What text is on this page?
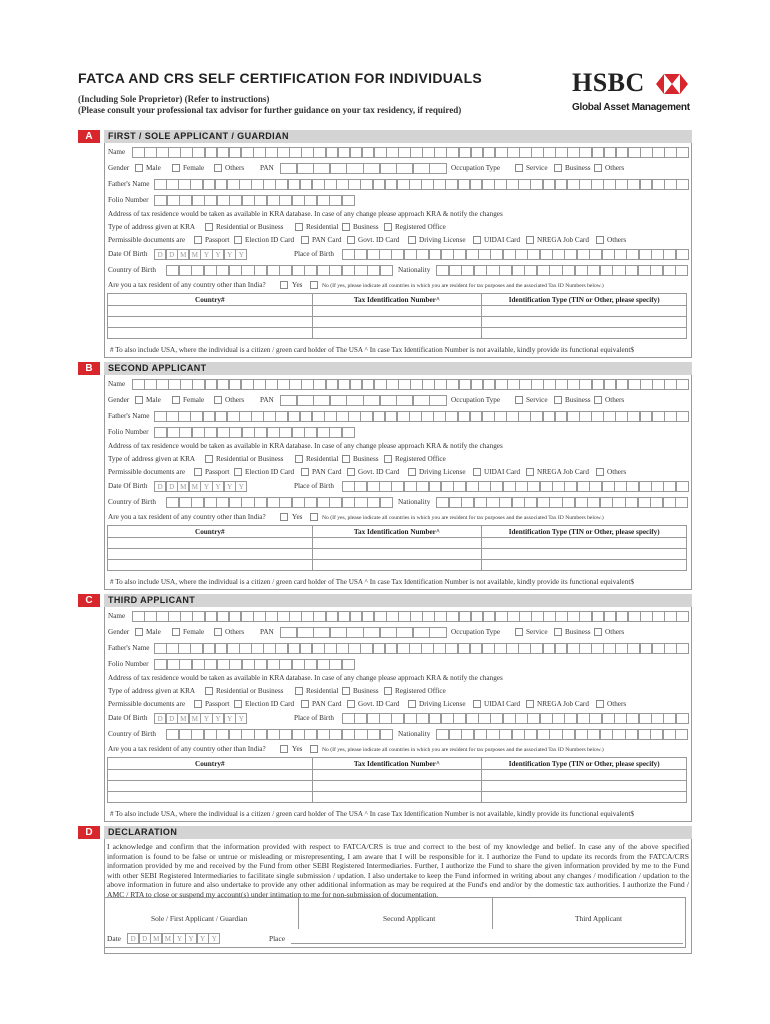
FATCA AND CRS SELF CERTIFICATION FOR INDIVIDUALS
(Including Sole Proprietor) (Refer to instructions)
(Please consult your professional tax advisor for further guidance on your tax residency, if required)
HSBC
Global Asset Management
A	FIRST / SOLE APPLICANT / GUARDIAN
Name
Gender Male	Female	Others PAN	Occupation Type	Service Business Others
Father's Name
Folio Number
Address of tax residence would be taken as available in KRA database. In case of any change please approach KRA & notify the changes
Type of address given at KRA	Residential or Business	Residential Business Registered Office
Permissible documents are	Passport Election ID Card PAN Card Govt. ID Card	Driving License	UIDAI Card NREGA Job Card	Others
Date Of Birth	D D M M Y Y Y Y	Place of Birth
Country of Birth	Nationality
Are you a tax resident of any country other than India?	Yes	No (If yes, please indicate all countries in which you are resident for tax purposes and the associated Tax ID Numbers below.)
Country#	Tax Identification Number^	Identification Type (TIN or Other, please specify)

# To also include USA, where the individual is a citizen / green card holder of The USA ^ In case Tax Identification Number is not available, kindly provide its functional equivalent$
B	SECOND APPLICANT
Name
Gender Male	Female	Others PAN	Occupation Type	Service Business Others
Father's Name
Folio Number
Address of tax residence would be taken as available in KRA database. In case of any change please approach KRA & notify the changes
Type of address given at KRA	Residential or Business	Residential Business Registered Office
Permissible documents are	Passport Election ID Card PAN Card Govt. ID Card	Driving License	UIDAI Card NREGA Job Card	Others
Date Of Birth	D D M M Y Y Y Y	Place of Birth
Country of Birth	Nationality
Are you a tax resident of any country other than India?	Yes	No (If yes, please indicate all countries in which you are resident for tax purposes and the associated Tax ID Numbers below.)
Country#	Tax Identification Number^	Identification Type (TIN or Other, please specify)

# To also include USA, where the individual is a citizen / green card holder of The USA ^ In case Tax Identification Number is not available, kindly provide its functional equivalent$
C	THIRD APPLICANT
Name
Gender Male	Female	Others PAN	Occupation Type	Service Business Others
Father's Name
Folio Number
Address of tax residence would be taken as available in KRA database. In case of any change please approach KRA & notify the changes
Type of address given at KRA	Residential or Business	Residential Business Registered Office
Permissible documents are	Passport Election ID Card PAN Card Govt. ID Card	Driving License	UIDAI Card NREGA Job Card	Others
Date Of Birth	D D M M Y Y Y Y	Place of Birth
Country of Birth	Nationality
Are you a tax resident of any country other than India?	Yes	No (If yes, please indicate all countries in which you are resident for tax purposes and the associated Tax ID Numbers below.)
Country#	Tax Identification Number^	Identification Type (TIN or Other, please specify)

# To also include USA, where the individual is a citizen / green card holder of The USA ^ In case Tax Identification Number is not available, kindly provide its functional equivalent$
D	DECLARATION
I acknowledge and confirm that the information provided with respect to FATCA/CRS is true and correct to the best of my knowledge and belief. In case any of the above specified information is found to be false or untrue or misleading or misrepresenting, I am aware that I will be responsible for it. I authorize the Fund to update its records from the FATCA/CRS information provided by me and received by the Fund from other SEBI Registered Intermediaries. Further, I authorize the Fund to share the given information provided by me to the Fund with other SEBI Registered Intermediaries to facilitate single submission / updation. I also undertake to keep the Fund informed in writing about any changes / modification / updation to the above information in future and also undertake to provide any other additional information as may be required at the Fund's end and/or by the domestic tax authorities. I authorize the Fund / AMC / RTA to close or suspend my account(s) under intimation to me for non-submission of documentation.
Sole / First Applicant / Guardian	Second Applicant	Third Applicant
Date	D D M M Y Y Y Y	Place
